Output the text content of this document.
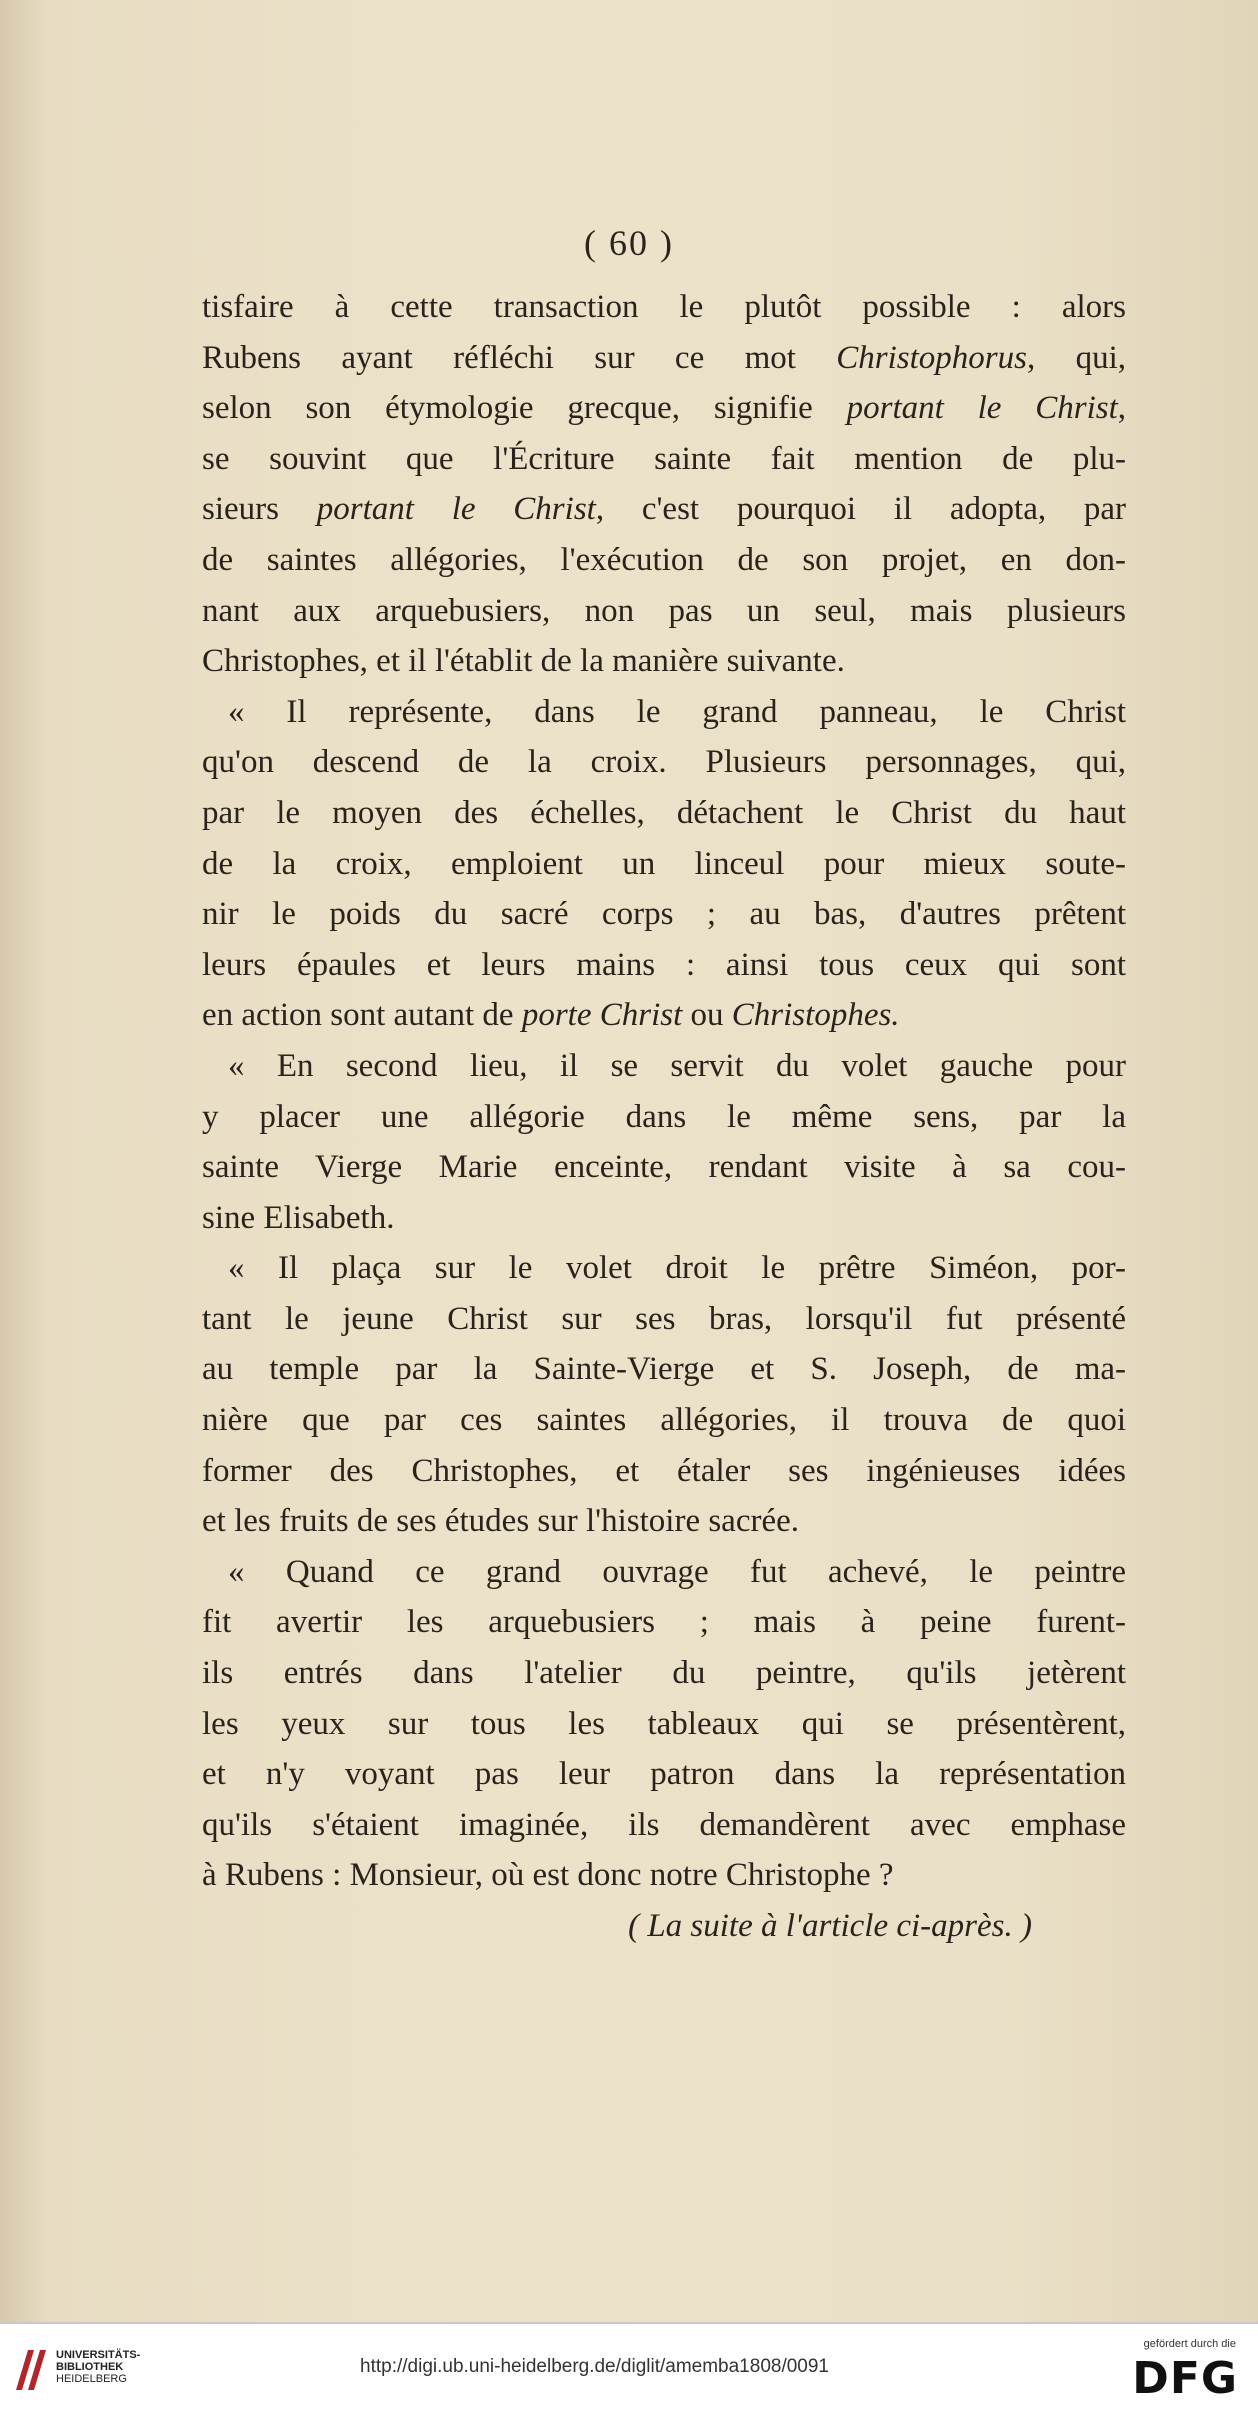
( 60 )
tisfaire à cette transaction le plutôt possible : alors
Rubens ayant réfléchi sur ce mot Christophorus, qui,
selon son étymologie grecque, signifie portant le Christ,
se souvint que l'Écriture sainte fait mention de plu-
sieurs portant le Christ, c'est pourquoi il adopta, par
de saintes allégories, l'exécution de son projet, en don-
nant aux arquebusiers, non pas un seul, mais plusieurs
Christophes, et il l'établit de la manière suivante.
« Il représente, dans le grand panneau, le Christ
qu'on descend de la croix. Plusieurs personnages, qui,
par le moyen des échelles, détachent le Christ du haut
de la croix, emploient un linceul pour mieux soute-
nir le poids du sacré corps ; au bas, d'autres prêtent
leurs épaules et leurs mains : ainsi tous ceux qui sont
en action sont autant de porte Christ ou Christophes.
« En second lieu, il se servit du volet gauche pour
y placer une allégorie dans le même sens, par la
sainte Vierge Marie enceinte, rendant visite à sa cou-
sine Elisabeth.
« Il plaça sur le volet droit le prêtre Siméon, por-
tant le jeune Christ sur ses bras, lorsqu'il fut présenté
au temple par la Sainte-Vierge et S. Joseph, de ma-
nière que par ces saintes allégories, il trouva de quoi
former des Christophes, et étaler ses ingénieuses idées
et les fruits de ses études sur l'histoire sacrée.
« Quand ce grand ouvrage fut achevé, le peintre
fit avertir les arquebusiers ; mais à peine furent-
ils entrés dans l'atelier du peintre, qu'ils jetèrent
les yeux sur tous les tableaux qui se présentèrent,
et n'y voyant pas leur patron dans la représentation
qu'ils s'étaient imaginée, ils demandèrent avec emphase
à Rubens : Monsieur, où est donc notre Christophe ?
( La suite à l'article ci-après. )
UNIVERSITÄTS-
BIBLIOTHEK
HEIDELBERG
http://digi.ub.uni-heidelberg.de/diglit/amemba1808/0091
gefördert durch die
DFG
